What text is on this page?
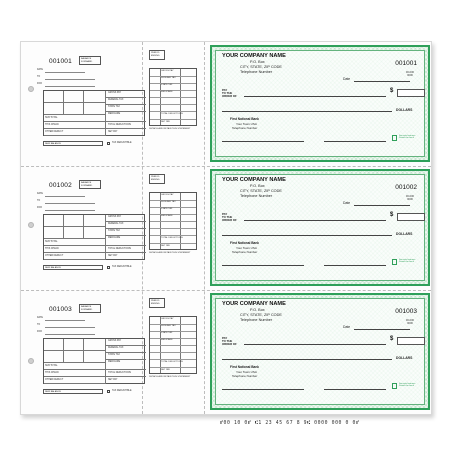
001001	BALANCE
FORWARD
DATE
TO
FOR
SUB TOTAL
THIS CHECK
OTHER DEDUCT
GROSS PAY
FEDERAL TAX
STATE TAX
MEDICARE
TOTAL DEDUCTIONS
NET PAY
NEW BALANCE	TAX DEDUCTIBLE
PERIOD
ENDING
GROSS PAY
FEDERAL TAX
STATE TAX
MEDICARE
TOTAL DEDUCTIONS
NET PAY
DETACH AND RETAIN THIS STATEMENT
YOUR COMPANY NAME
P.O. Box
CITY, STATE, ZIP CODE
Telephone Number
001001
00-000
0000
Date
PAY
TO THE
ORDER OF
$
DOLLARS
First National Bank
Your Town USA
Telephone Number
Security features
Details on back
001002	BALANCE
FORWARD
DATE
TO
FOR
SUB TOTAL
THIS CHECK
OTHER DEDUCT
GROSS PAY
FEDERAL TAX
STATE TAX
MEDICARE
TOTAL DEDUCTIONS
NET PAY
NEW BALANCE	TAX DEDUCTIBLE
PERIOD
ENDING
GROSS PAY
FEDERAL TAX
STATE TAX
MEDICARE
TOTAL DEDUCTIONS
NET PAY
DETACH AND RETAIN THIS STATEMENT
YOUR COMPANY NAME
P.O. Box
CITY, STATE, ZIP CODE
Telephone Number
001002
00-000
0000
Date
PAY
TO THE
ORDER OF
$
DOLLARS
First National Bank
Your Town USA
Telephone Number
Security features
Details on back
001003	BALANCE
FORWARD
DATE
TO
FOR
SUB TOTAL
THIS CHECK
OTHER DEDUCT
GROSS PAY
FEDERAL TAX
STATE TAX
MEDICARE
TOTAL DEDUCTIONS
NET PAY
NEW BALANCE	TAX DEDUCTIBLE
PERIOD
ENDING
GROSS PAY
FEDERAL TAX
STATE TAX
MEDICARE
TOTAL DEDUCTIONS
NET PAY
DETACH AND RETAIN THIS STATEMENT
YOUR COMPANY NAME
P.O. Box
CITY, STATE, ZIP CODE
Telephone Number
001003
00-000
0000
Date
PAY
TO THE
ORDER OF
$
DOLLARS
First National Bank
Your Town USA
Telephone Number
Security features
Details on back
⑈00 10 0⑈ ⑆1 23 45 67 8 9⑆ 0000 000 0 0⑈
